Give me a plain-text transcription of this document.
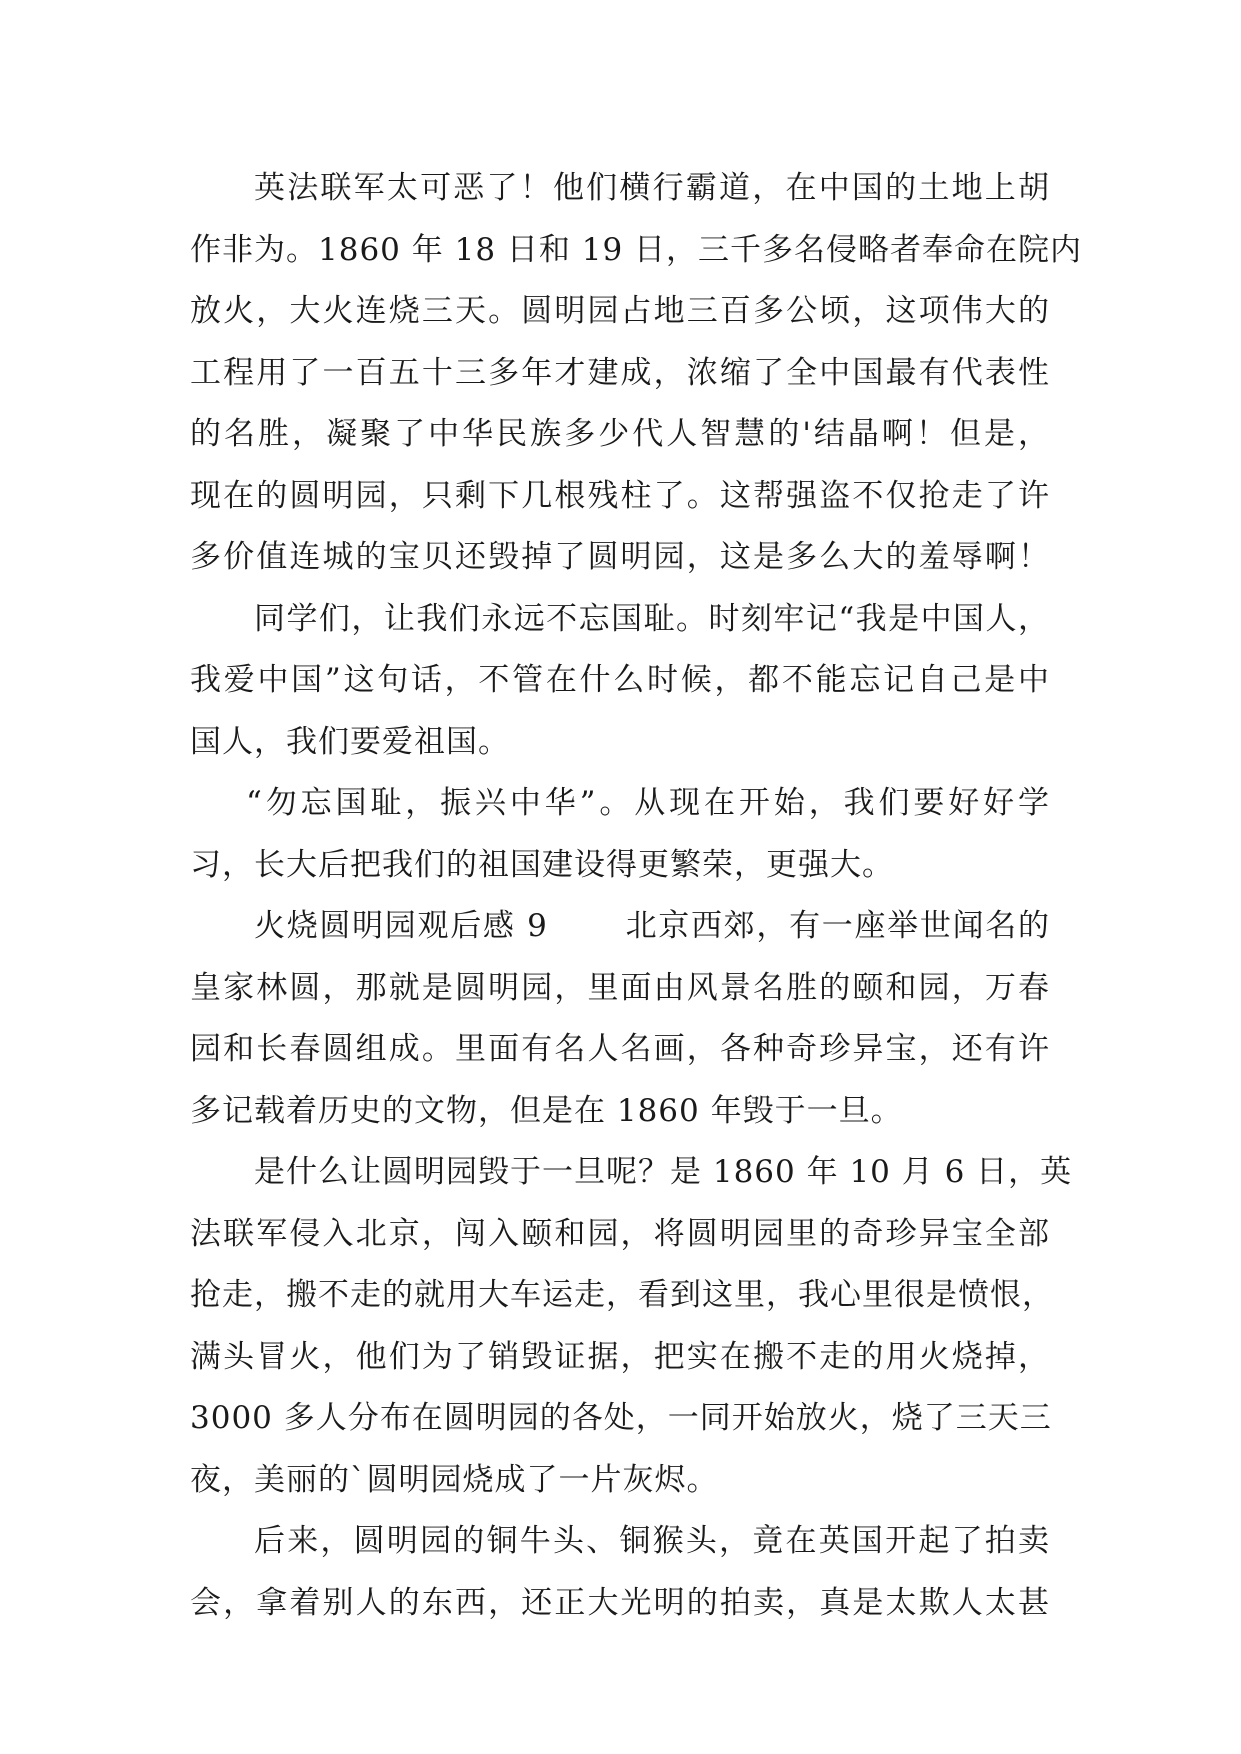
英法联军太可恶了！他们横行霸道，在中国的土地上胡
作非为。1860 年 18 日和 19 日，三千多名侵略者奉命在院内
放火，大火连烧三天。圆明园占地三百多公顷，这项伟大的
工程用了一百五十三多年才建成，浓缩了全中国最有代表性
的名胜，凝聚了中华民族多少代人智慧的'结晶啊！但是，
现在的圆明园，只剩下几根残柱了。这帮强盗不仅抢走了许
多价值连城的宝贝还毁掉了圆明园，这是多么大的羞辱啊！
同学们，让我们永远不忘国耻。时刻牢记“我是中国人，
我爱中国”这句话，不管在什么时候，都不能忘记自己是中
国人，我们要爱祖国。
“勿忘国耻，振兴中华”。从现在开始，我们要好好学
习，长大后把我们的祖国建设得更繁荣，更强大。
火烧圆明园观后感 9　　 北京西郊，有一座举世闻名的
皇家林圆，那就是圆明园，里面由风景名胜的颐和园，万春
园和长春圆组成。里面有名人名画，各种奇珍异宝，还有许
多记载着历史的文物，但是在 1860 年毁于一旦。
是什么让圆明园毁于一旦呢？是 1860 年 10 月 6 日，英
法联军侵入北京，闯入颐和园，将圆明园里的奇珍异宝全部
抢走，搬不走的就用大车运走，看到这里，我心里很是愤恨，
满头冒火，他们为了销毁证据，把实在搬不走的用火烧掉，
3000 多人分布在圆明园的各处，一同开始放火，烧了三天三
夜，美丽的`圆明园烧成了一片灰烬。
后来，圆明园的铜牛头、铜猴头，竟在英国开起了拍卖
会，拿着别人的东西，还正大光明的拍卖，真是太欺人太甚
